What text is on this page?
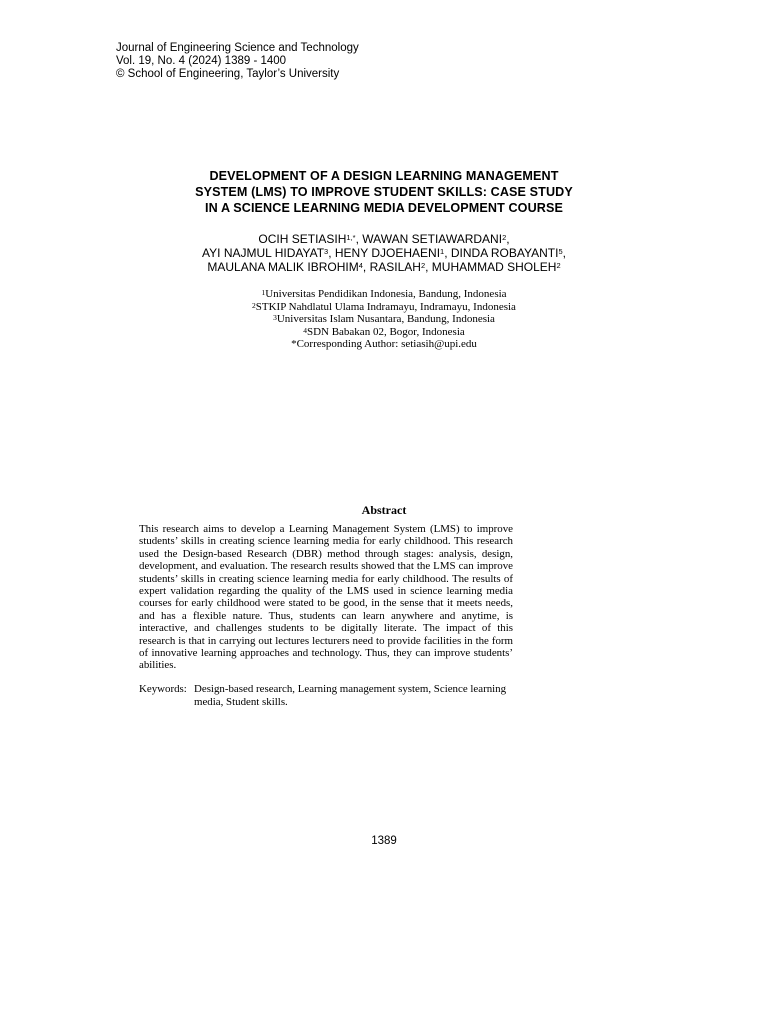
Journal of Engineering Science and Technology
Vol. 19, No. 4 (2024) 1389 - 1400
© School of Engineering, Taylor’s University
DEVELOPMENT OF A DESIGN LEARNING MANAGEMENT
SYSTEM (LMS) TO IMPROVE STUDENT SKILLS: CASE STUDY
IN A SCIENCE LEARNING MEDIA DEVELOPMENT COURSE
OCIH $SETIASIH^{1,*}$, WAWAN SETIAWARDANI$^2$,
AYI NAJMUL HIDAYAT$^3$, HENY DJOEHAENI$^1$, DINDA ROBAYANTI$^5$,
MAULANA MALIK IBROHIM$^4$, RASILAH$^2$, MUHAMMAD SHOLEH$^2$
$^1$Universitas Pendidikan Indonesia, Bandung, Indonesia
$^2$STKIP Nahdlatul Ulama Indramayu, Indramayu, Indonesia
$^3$Universitas Islam Nusantara, Bandung, Indonesia
$^4$SDN Babakan 02, Bogor, Indonesia
*Corresponding Author: setiasih@upi.edu
Abstract
This research aims to develop a Learning Management System (LMS) to improve students’ skills in creating science learning media for early childhood. This research used the Design-based Research (DBR) method through stages: analysis, design, development, and evaluation. The research results showed that the LMS can improve students’ skills in creating science learning media for early childhood. The results of expert validation regarding the quality of the LMS used in science learning media courses for early childhood were stated to be good, in the sense that it meets needs, and has a flexible nature. Thus, students can learn anywhere and anytime, is interactive, and challenges students to be digitally literate. The impact of this research is that in carrying out lectures lecturers need to provide facilities in the form of innovative learning approaches and technology. Thus, they can improve students’ abilities.
Keywords: Design-based research, Learning management system, Science learning media, Student skills.
1389
